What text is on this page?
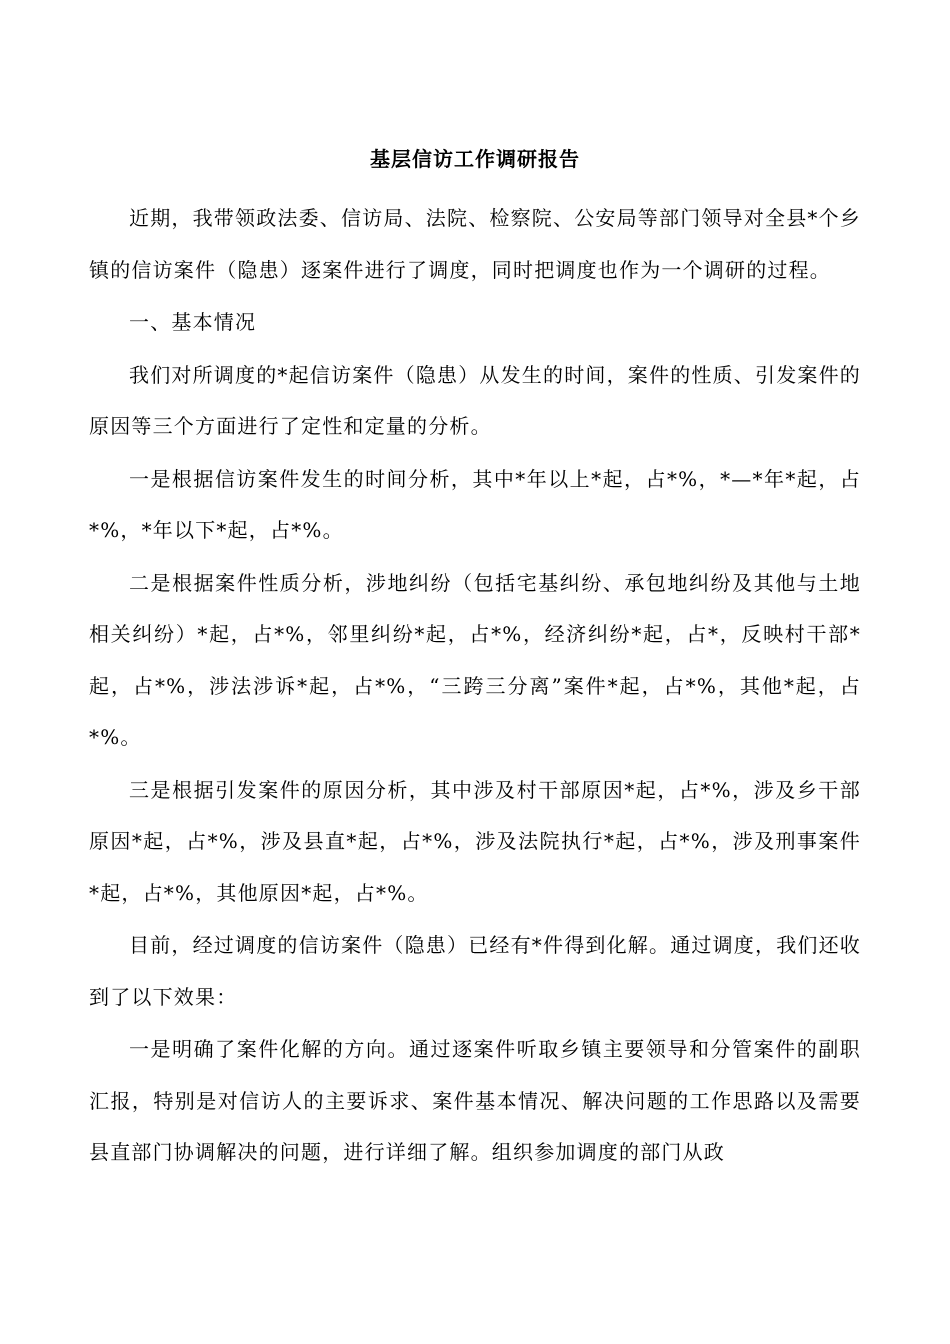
基层信访工作调研报告

近期，我带领政法委、信访局、法院、检察院、公安局等部门领导对全县*个乡镇的信访案件（隐患）逐案件进行了调度，同时把调度也作为一个调研的过程。

一、基本情况

我们对所调度的*起信访案件（隐患）从发生的时间，案件的性质、引发案件的原因等三个方面进行了定性和定量的分析。

一是根据信访案件发生的时间分析，其中*年以上*起，占*%，*—*年*起，占*%，*年以下*起，占*%。

二是根据案件性质分析，涉地纠纷（包括宅基纠纷、承包地纠纷及其他与土地相关纠纷）*起，占*%，邻里纠纷*起，占*%，经济纠纷*起，占*，反映村干部*起，占*%，涉法涉诉*起，占*%，“三跨三分离”案件*起，占*%，其他*起，占*%。

三是根据引发案件的原因分析，其中涉及村干部原因*起，占*%，涉及乡干部原因*起，占*%，涉及县直*起，占*%，涉及法院执行*起，占*%，涉及刑事案件*起，占*%，其他原因*起，占*%。

目前，经过调度的信访案件（隐患）已经有*件得到化解。通过调度，我们还收到了以下效果：

一是明确了案件化解的方向。通过逐案件听取乡镇主要领导和分管案件的副职汇报，特别是对信访人的主要诉求、案件基本情况、解决问题的工作思路以及需要县直部门协调解决的问题，进行详细了解。组织参加调度的部门从政
